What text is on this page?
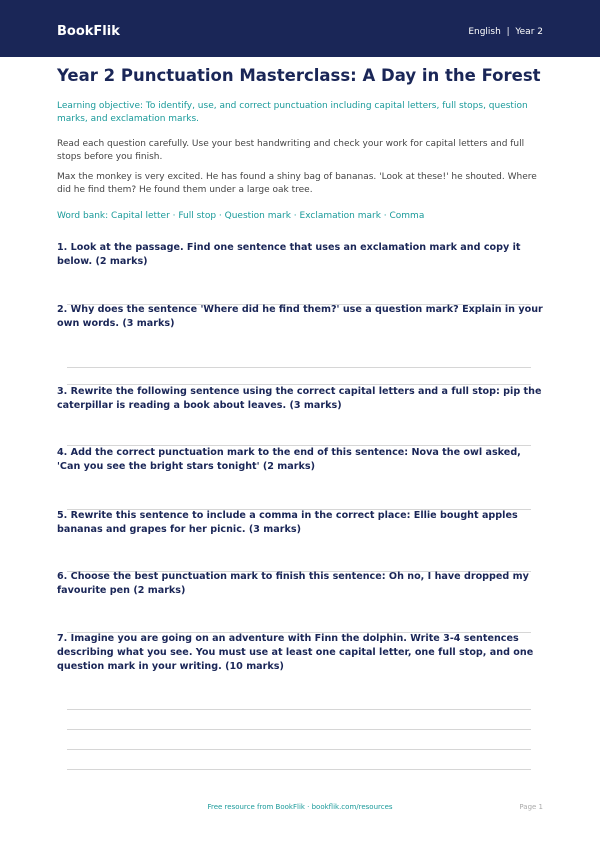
BookFlik	English  |  Year 2
Year 2 Punctuation Masterclass: A Day in the Forest
Learning objective: To identify, use, and correct punctuation including capital letters, full stops, question marks, and exclamation marks.
Read each question carefully. Use your best handwriting and check your work for capital letters and full stops before you finish.
Max the monkey is very excited. He has found a shiny bag of bananas. 'Look at these!' he shouted. Where did he find them? He found them under a large oak tree.
Word bank: Capital letter · Full stop · Question mark · Exclamation mark · Comma
1. Look at the passage. Find one sentence that uses an exclamation mark and copy it below. (2 marks)
2. Why does the sentence 'Where did he find them?' use a question mark? Explain in your own words. (3 marks)
3. Rewrite the following sentence using the correct capital letters and a full stop: pip the caterpillar is reading a book about leaves. (3 marks)
4. Add the correct punctuation mark to the end of this sentence: Nova the owl asked, 'Can you see the bright stars tonight' (2 marks)
5. Rewrite this sentence to include a comma in the correct place: Ellie bought apples bananas and grapes for her picnic. (3 marks)
6. Choose the best punctuation mark to finish this sentence: Oh no, I have dropped my favourite pen (2 marks)
7. Imagine you are going on an adventure with Finn the dolphin. Write 3-4 sentences describing what you see. You must use at least one capital letter, one full stop, and one question mark in your writing. (10 marks)
Free resource from BookFlik · bookflik.com/resources	Page 1
